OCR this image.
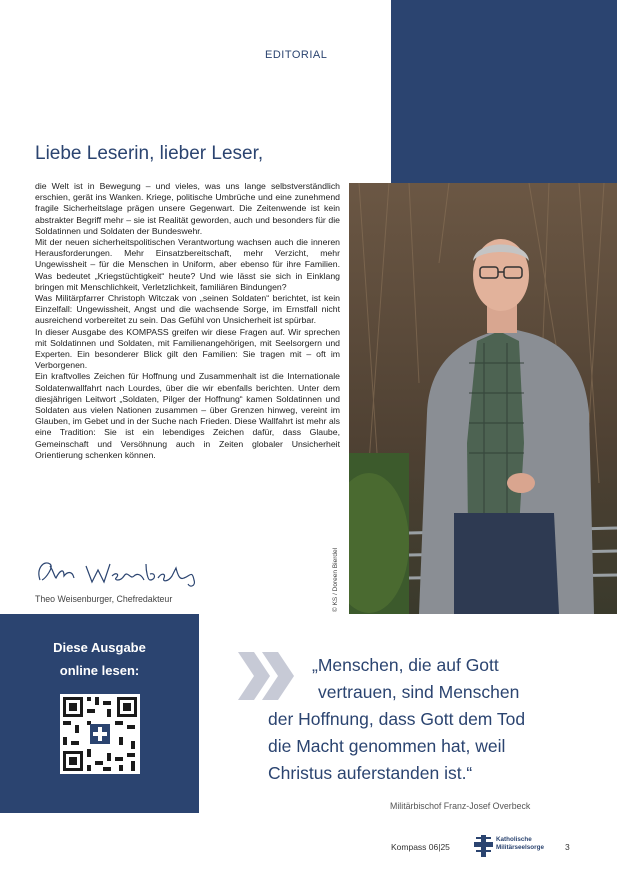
EDITORIAL
Liebe Leserin, lieber Leser,

die Welt ist in Bewegung – und vieles, was uns lange selbstverständlich erschien, gerät ins Wanken. Kriege, politische Umbrüche und eine zunehmend fragile Sicherheitslage prägen unsere Gegenwart. Die Zeitenwende ist kein abstrakter Begriff mehr – sie ist Realität geworden, auch und besonders für die Soldatinnen und Soldaten der Bundeswehr.

Mit der neuen sicherheitspolitischen Verantwortung wachsen auch die inneren Herausforderungen. Mehr Einsatzbereitschaft, mehr Verzicht, mehr Ungewissheit – für die Menschen in Uniform, aber ebenso für ihre Familien. Was bedeutet „Kriegstüchtigkeit“ heute? Und wie lässt sie sich in Einklang bringen mit Menschlichkeit, Verletzlichkeit, familiären Bindungen?

Was Militärpfarrer Christoph Witczak von „seinen Soldaten“ berichtet, ist kein Einzelfall: Ungewissheit, Angst und die wachsende Sorge, im Ernstfall nicht ausreichend vorbereitet zu sein. Das Gefühl von Unsicherheit ist spürbar.

In dieser Ausgabe des KOMPASS greifen wir diese Fragen auf. Wir sprechen mit Soldatinnen und Soldaten, mit Familienangehörigen, mit Seelsorgern und Experten. Ein besonderer Blick gilt den Familien: Sie tragen mit – oft im Verborgenen.

Ein kraftvolles Zeichen für Hoffnung und Zusammenhalt ist die Internationale Soldatenwallfahrt nach Lourdes, über die wir ebenfalls berichten. Unter dem diesjährigen Leitwort „Soldaten, Pilger der Hoffnung“ kamen Soldatinnen und Soldaten aus vielen Nationen zusammen – über Grenzen hinweg, vereint im Glauben, im Gebet und in der Suche nach Frieden. Diese Wallfahrt ist mehr als eine Tradition: Sie ist ein lebendiges Zeichen dafür, dass Glaube, Gemeinschaft und Versöhnung auch in Zeiten globaler Unsicherheit Orientierung schenken können.

Theo Weisenburger, Chefredakteur	© KS / Doreen Bierdel
Diese Ausgabe
online lesen:	„Menschen, die auf Gott
vertrauen, sind Menschen
der Hoffnung, dass Gott dem Tod
die Macht genommen hat, weil
Christus auferstanden ist.“
Militärbischof Franz-Josef Overbeck
Kompass 06|25
Katholische
Militärseelsorge 3
